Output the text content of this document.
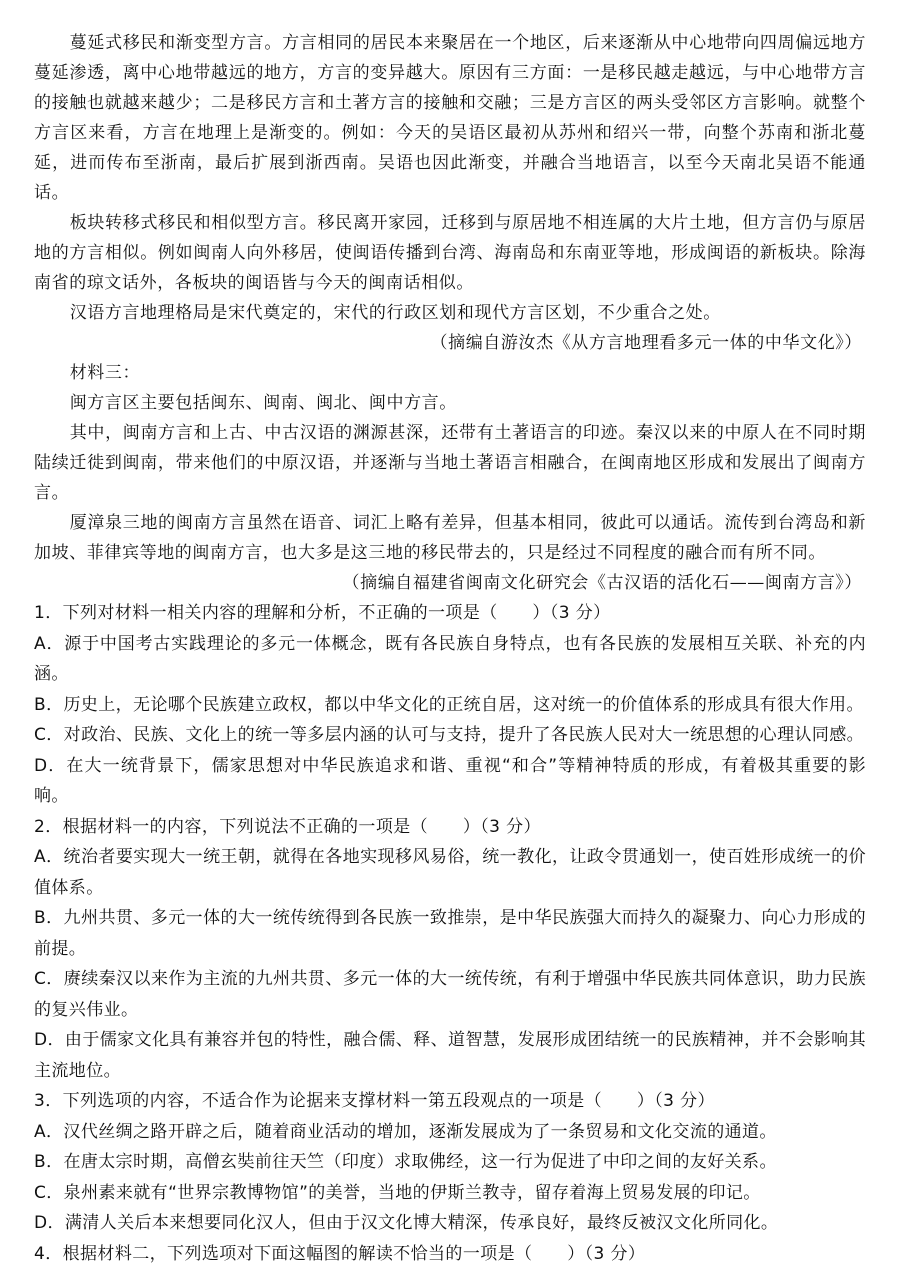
蔓延式移民和渐变型方言。方言相同的居民本来聚居在一个地区，后来逐渐从中心地带向四周偏远地方蔓延渗透，离中心地带越远的地方，方言的变异越大。原因有三方面：一是移民越走越远，与中心地带方言的接触也就越来越少；二是移民方言和土著方言的接触和交融；三是方言区的两头受邻区方言影响。就整个方言区来看，方言在地理上是渐变的。例如：今天的吴语区最初从苏州和绍兴一带，向整个苏南和浙北蔓延，进而传布至浙南，最后扩展到浙西南。吴语也因此渐变，并融合当地语言，以至今天南北吴语不能通话。

板块转移式移民和相似型方言。移民离开家园，迁移到与原居地不相连属的大片土地，但方言仍与原居地的方言相似。例如闽南人向外移居，使闽语传播到台湾、海南岛和东南亚等地，形成闽语的新板块。除海南省的琼文话外，各板块的闽语皆与今天的闽南话相似。

汉语方言地理格局是宋代奠定的，宋代的行政区划和现代方言区划，不少重合之处。

（摘编自游汝杰《从方言地理看多元一体的中华文化》）

材料三：

闽方言区主要包括闽东、闽南、闽北、闽中方言。

其中，闽南方言和上古、中古汉语的渊源甚深，还带有土著语言的印迹。秦汉以来的中原人在不同时期陆续迁徙到闽南，带来他们的中原汉语，并逐渐与当地土著语言相融合，在闽南地区形成和发展出了闽南方言。

厦漳泉三地的闽南方言虽然在语音、词汇上略有差异，但基本相同，彼此可以通话。流传到台湾岛和新加坡、菲律宾等地的闽南方言，也大多是这三地的移民带去的，只是经过不同程度的融合而有所不同。

（摘编自福建省闽南文化研究会《古汉语的活化石——闽南方言》）

1．下列对材料一相关内容的理解和分析，不正确的一项是（　　）（3 分）

A．源于中国考古实践理论的多元一体概念，既有各民族自身特点，也有各民族的发展相互关联、补充的内涵。

B．历史上，无论哪个民族建立政权，都以中华文化的正统自居，这对统一的价值体系的形成具有很大作用。

C．对政治、民族、文化上的统一等多层内涵的认可与支持，提升了各民族人民对大一统思想的心理认同感。

D．在大一统背景下，儒家思想对中华民族追求和谐、重视“和合”等精神特质的形成，有着极其重要的影响。

2．根据材料一的内容，下列说法不正确的一项是（　　）（3 分）

A．统治者要实现大一统王朝，就得在各地实现移风易俗，统一教化，让政令贯通划一，使百姓形成统一的价值体系。

B．九州共贯、多元一体的大一统传统得到各民族一致推崇，是中华民族强大而持久的凝聚力、向心力形成的前提。

C．赓续秦汉以来作为主流的九州共贯、多元一体的大一统传统，有利于增强中华民族共同体意识，助力民族的复兴伟业。

D．由于儒家文化具有兼容并包的特性，融合儒、释、道智慧，发展形成团结统一的民族精神，并不会影响其主流地位。

3．下列选项的内容，不适合作为论据来支撑材料一第五段观点的一项是（　　）（3 分）

A．汉代丝绸之路开辟之后，随着商业活动的增加，逐渐发展成为了一条贸易和文化交流的通道。

B．在唐太宗时期，高僧玄奘前往天竺（印度）求取佛经，这一行为促进了中印之间的友好关系。

C．泉州素来就有“世界宗教博物馆”的美誉，当地的伊斯兰教寺，留存着海上贸易发展的印记。

D．满清人关后本来想要同化汉人，但由于汉文化博大精深，传承良好，最终反被汉文化所同化。

4．根据材料二，下列选项对下面这幅图的解读不恰当的一项是（　　）（3 分）
